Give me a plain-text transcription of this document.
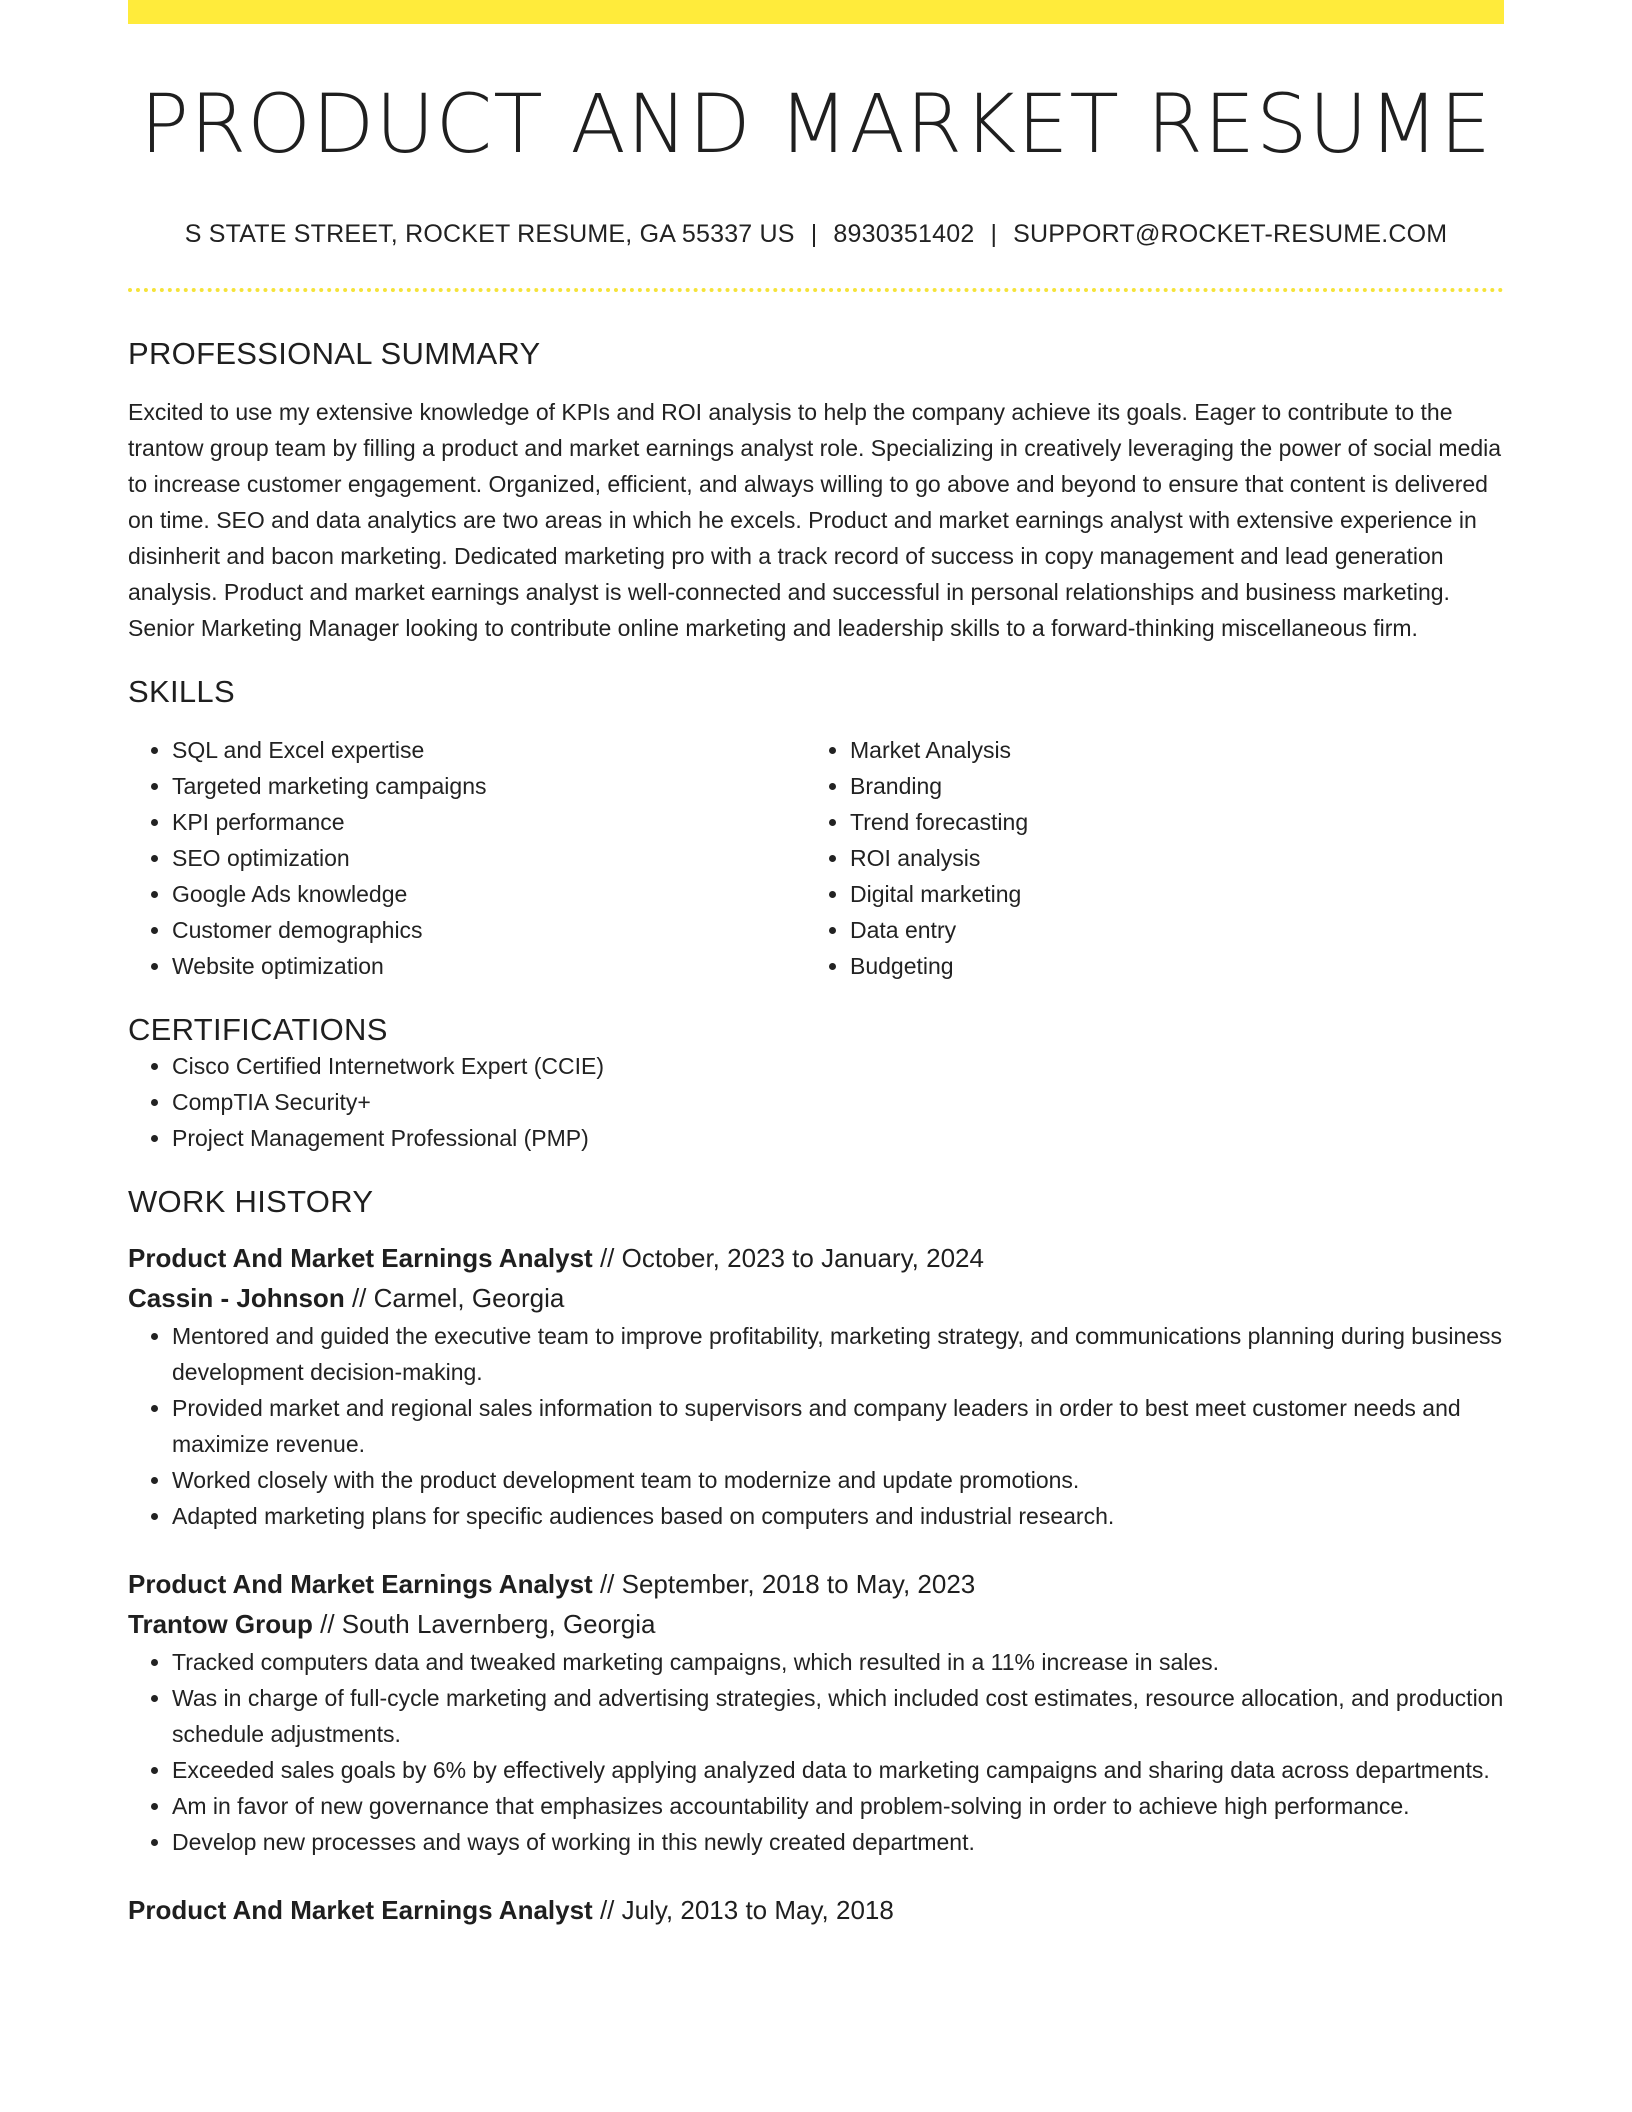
PRODUCT AND MARKET RESUME
S STATE STREET, ROCKET RESUME, GA 55337 US | 8930351402 | SUPPORT@ROCKET-RESUME.COM
PROFESSIONAL SUMMARY

Excited to use my extensive knowledge of KPIs and ROI analysis to help the company achieve its goals. Eager to contribute to the trantow group team by filling a product and market earnings analyst role. Specializing in creatively leveraging the power of social media to increase customer engagement. Organized, efficient, and always willing to go above and beyond to ensure that content is delivered on time. SEO and data analytics are two areas in which he excels. Product and market earnings analyst with extensive experience in disinherit and bacon marketing. Dedicated marketing pro with a track record of success in copy management and lead generation analysis. Product and market earnings analyst is well-connected and successful in personal relationships and business marketing. Senior Marketing Manager looking to contribute online marketing and leadership skills to a forward-thinking miscellaneous firm.

SKILLS
• SQL and Excel expertise
• Targeted marketing campaigns
• KPI performance
• SEO optimization
• Google Ads knowledge
• Customer demographics
• Website optimization
• Market Analysis
• Branding
• Trend forecasting
• ROI analysis
• Digital marketing
• Data entry
• Budgeting
CERTIFICATIONS
• Cisco Certified Internetwork Expert (CCIE)
• CompTIA Security+
• Project Management Professional (PMP)
WORK HISTORY
Product And Market Earnings Analyst // October, 2023 to January, 2024
Cassin - Johnson // Carmel, Georgia
• Mentored and guided the executive team to improve profitability, marketing strategy, and communications planning during business development decision-making.
• Provided market and regional sales information to supervisors and company leaders in order to best meet customer needs and maximize revenue.
• Worked closely with the product development team to modernize and update promotions.
• Adapted marketing plans for specific audiences based on computers and industrial research.
Product And Market Earnings Analyst // September, 2018 to May, 2023
Trantow Group // South Lavernberg, Georgia
• Tracked computers data and tweaked marketing campaigns, which resulted in a 11% increase in sales.
• Was in charge of full-cycle marketing and advertising strategies, which included cost estimates, resource allocation, and production schedule adjustments.
• Exceeded sales goals by 6% by effectively applying analyzed data to marketing campaigns and sharing data across departments.
• Am in favor of new governance that emphasizes accountability and problem-solving in order to achieve high performance.
• Develop new processes and ways of working in this newly created department.
Product And Market Earnings Analyst // July, 2013 to May, 2018
